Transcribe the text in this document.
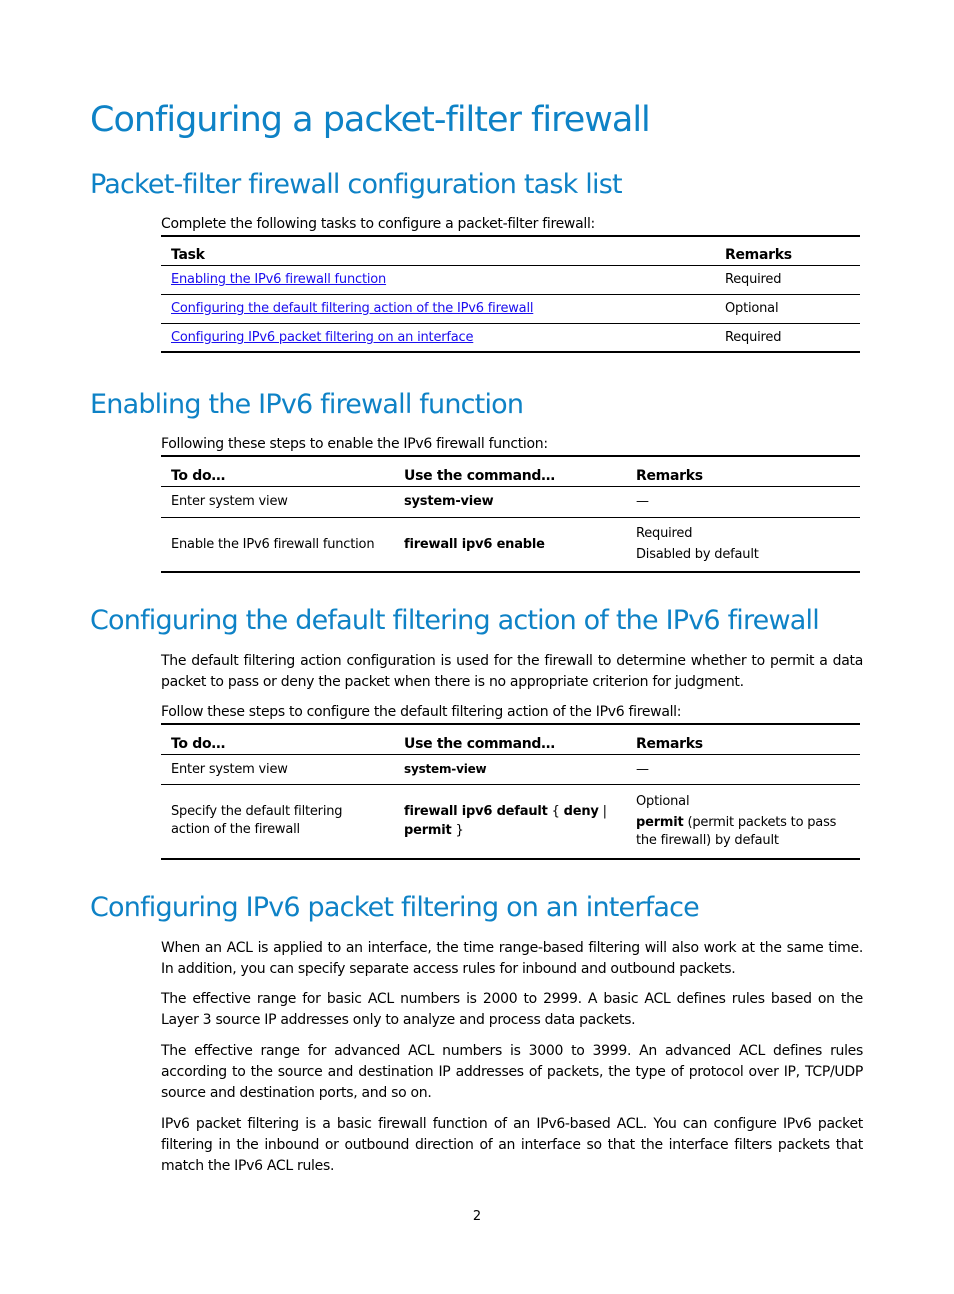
Configuring a packet-filter firewall
Packet-filter firewall configuration task list

Complete the following tasks to configure a packet-filter firewall:

Task	Remarks
Enabling the IPv6 firewall function	Required
Configuring the default filtering action of the IPv6 firewall	Optional
Configuring IPv6 packet filtering on an interface	Required
Enabling the IPv6 firewall function

Following these steps to enable the IPv6 firewall function:

To do…	Use the command…	Remarks
Enter system view	system-view	—
Enable the IPv6 firewall function	firewall ipv6 enable	Required
Disabled by default
Configuring the default filtering action of the IPv6 firewall

The default filtering action configuration is used for the firewall to determine whether to permit a data packet to pass or deny the packet when there is no appropriate criterion for judgment.

Follow these steps to configure the default filtering action of the IPv6 firewall:

To do…	Use the command…	Remarks
Enter system view	system-view	—
Specify the default filtering action of the firewall	firewall ipv6 default { deny | permit }	Optional
permit (permit packets to pass the firewall) by default
Configuring IPv6 packet filtering on an interface

When an ACL is applied to an interface, the time range-based filtering will also work at the same time. In addition, you can specify separate access rules for inbound and outbound packets.

The effective range for basic ACL numbers is 2000 to 2999. A basic ACL defines rules based on the Layer 3 source IP addresses only to analyze and process data packets.

The effective range for advanced ACL numbers is 3000 to 3999. An advanced ACL defines rules according to the source and destination IP addresses of packets, the type of protocol over IP, TCP/UDP source and destination ports, and so on.

IPv6 packet filtering is a basic firewall function of an IPv6-based ACL. You can configure IPv6 packet filtering in the inbound or outbound direction of an interface so that the interface filters packets that match the IPv6 ACL rules.

2
